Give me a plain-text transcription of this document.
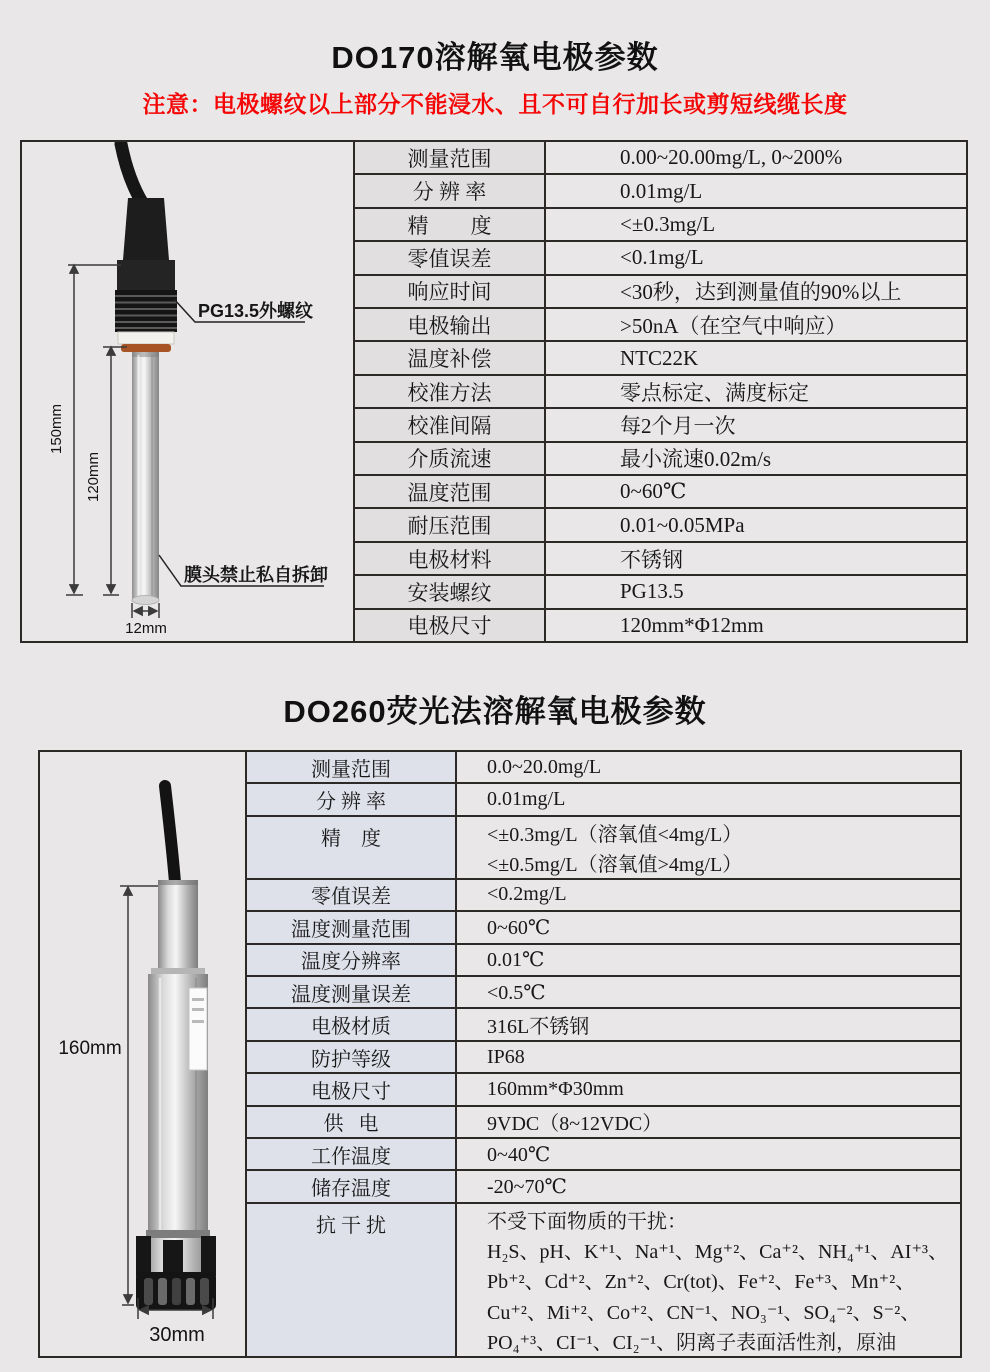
DO170溶解氧电极参数
注意：电极螺纹以上部分不能浸水、且不可自行加长或剪短线缆长度
150mm
120mm
12mm
PG13.5外螺纹
膜头禁止私自拆卸
测量范围	0.00~20.00mg/L, 0~200%
分 辨 率	0.01mg/L
精        度	<±0.3mg/L
零值误差	<0.1mg/L
响应时间	<30秒，达到测量值的90%以上
电极输出	>50nA（在空气中响应）
温度补偿	NTC22K
校准方法	零点标定、满度标定
校准间隔	每2个月一次
介质流速	最小流速0.02m/s
温度范围	0~60℃
耐压范围	0.01~0.05MPa
电极材料	不锈钢
安装螺纹	PG13.5
电极尺寸	120mm*Φ12mm
DO260荧光法溶解氧电极参数
160mm
30mm
测量范围	0.0~20.0mg/L
分 辨 率	0.01mg/L
精    度	<±0.3mg/L（溶氧值<4mg/L）
<±0.5mg/L（溶氧值>4mg/L）
零值误差	<0.2mg/L
温度测量范围	0~60℃
温度分辨率	0.01℃
温度测量误差	<0.5℃
电极材质	316L不锈钢
防护等级	IP68
电极尺寸	160mm*Φ30mm
供   电	9VDC（8~12VDC）
工作温度	0~40℃
储存温度	-20~70℃
抗 干 扰	不受下面物质的干扰：
H₂S、pH、K⁺¹、Na⁺¹、Mg⁺²、Ca⁺²、NH₄⁺¹、AI⁺³、
Pb⁺²、Cd⁺²、Zn⁺²、Cr(tot)、Fe⁺²、Fe⁺³、Mn⁺²、
Cu⁺²、Mi⁺²、Co⁺²、CN⁻¹、NO₃⁻¹、SO₄⁻²、S⁻²、
PO₄⁺³、CI⁻¹、CI₂⁻¹、阴离子表面活性剂，原油
